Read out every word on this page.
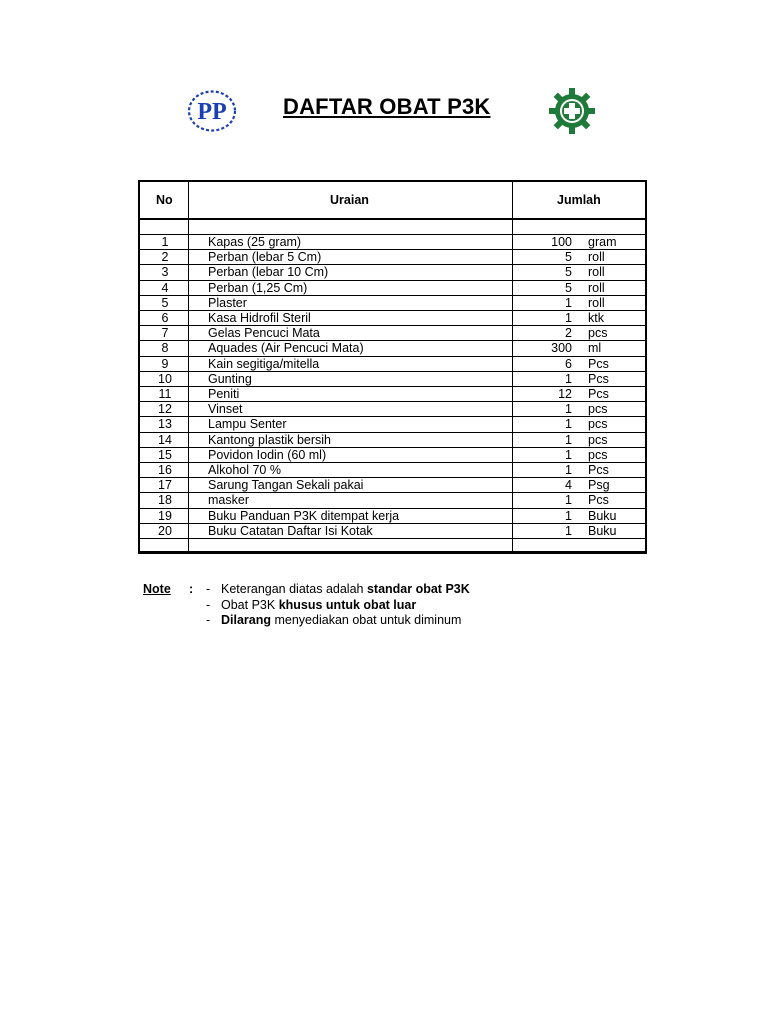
PP	DAFTAR OBAT P3K
No	Uraian	Jumlah
1	Kapas (25 gram)	100 gram
2	Perban (lebar 5 Cm)	5 roll
3	Perban (lebar 10 Cm)	5 roll
4	Perban (1,25 Cm)	5 roll
5	Plaster	1 roll
6	Kasa Hidrofil Steril	1 ktk
7	Gelas Pencuci Mata	2 pcs
8	Aquades (Air Pencuci Mata)	300 ml
9	Kain segitiga/mitella	6 Pcs
10	Gunting	1 Pcs
11	Peniti	12 Pcs
12	Vinset	1 pcs
13	Lampu Senter	1 pcs
14	Kantong plastik bersih	1 pcs
15	Povidon Iodin (60 ml)	1 pcs
16	Alkohol 70 %	1 Pcs
17	Sarung Tangan Sekali pakai	4 Psg
18	masker	1 Pcs
19	Buku Panduan P3K ditempat kerja	1 Buku
20	Buku Catatan Daftar Isi Kotak	1 Buku
Note : - Keterangan diatas adalah standar obat P3K
- Obat P3K khusus untuk obat luar
- Dilarang menyediakan obat untuk diminum
